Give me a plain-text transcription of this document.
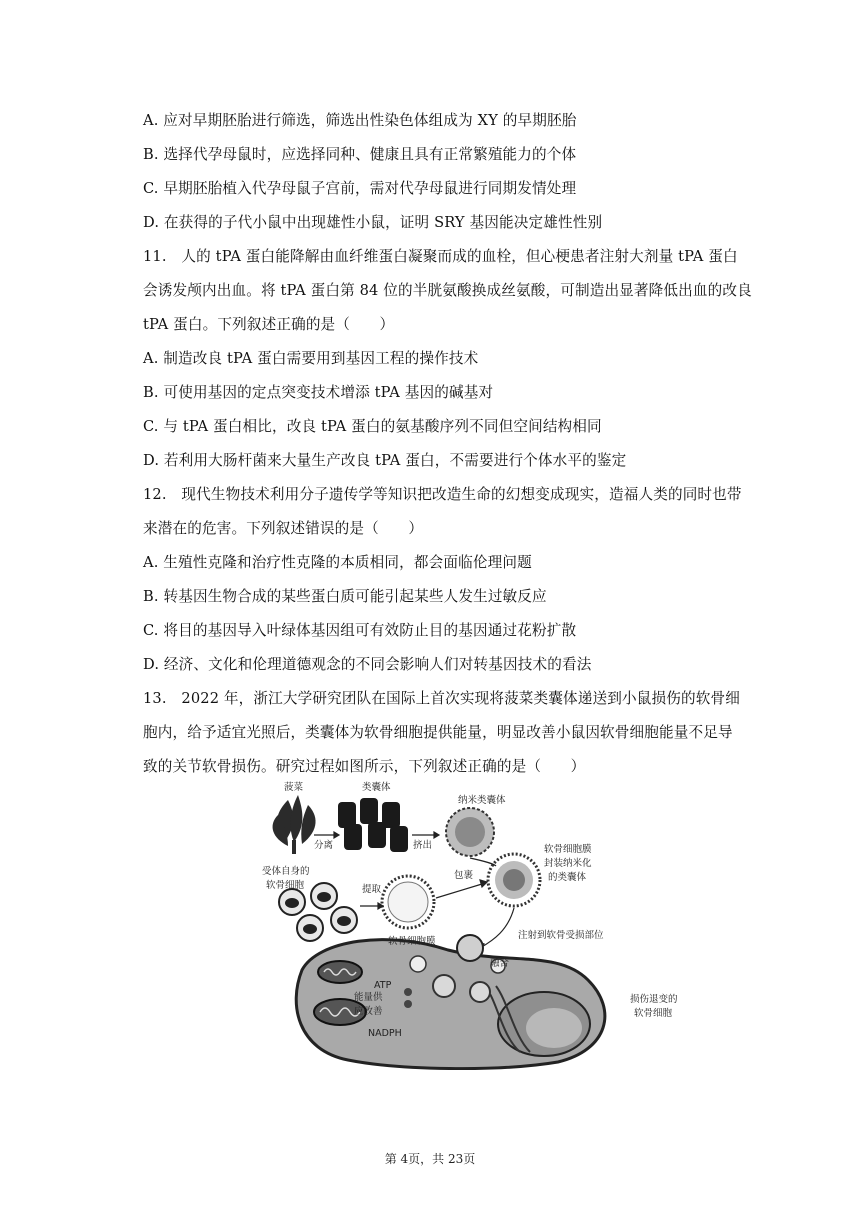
A. 应对早期胚胎进行筛选，筛选出性染色体组成为 XY 的早期胚胎
B. 选择代孕母鼠时，应选择同种、健康且具有正常繁殖能力的个体
C. 早期胚胎植入代孕母鼠子宫前，需对代孕母鼠进行同期发情处理
D. 在获得的子代小鼠中出现雄性小鼠，证明 SRY 基因能决定雄性性别
11.　人的 tPA 蛋白能降解由血纤维蛋白凝聚而成的血栓，但心梗患者注射大剂量 tPA 蛋白
会诱发颅内出血。将 tPA 蛋白第 84 位的半胱氨酸换成丝氨酸，可制造出显著降低出血的改良
tPA 蛋白。下列叙述正确的是（　　）
A. 制造改良 tPA 蛋白需要用到基因工程的操作技术
B. 可使用基因的定点突变技术增添 tPA 基因的碱基对
C. 与 tPA 蛋白相比，改良 tPA 蛋白的氨基酸序列不同但空间结构相同
D. 若利用大肠杆菌来大量生产改良 tPA 蛋白，不需要进行个体水平的鉴定
12.　现代生物技术利用分子遗传学等知识把改造生命的幻想变成现实，造福人类的同时也带
来潜在的危害。下列叙述错误的是（　　）
A. 生殖性克隆和治疗性克隆的本质相同，都会面临伦理问题
B. 转基因生物合成的某些蛋白质可能引起某些人发生过敏反应
C. 将目的基因导入叶绿体基因组可有效防止目的基因通过花粉扩散
D. 经济、文化和伦理道德观念的不同会影响人们对转基因技术的看法
13.　2022 年，浙江大学研究团队在国际上首次实现将菠菜类囊体递送到小鼠损伤的软骨细
胞内，给予适宜光照后，类囊体为软骨细胞提供能量，明显改善小鼠因软骨细胞能量不足导
致的关节软骨损伤。研究过程如图所示，下列叙述正确的是（　　）
菠菜	类囊体
分离	挤出
纳米类囊体
受体自身的
软骨细胞	提取
包裹
软骨细胞膜
封装纳米化
的类囊体
软骨细胞膜
注射到软骨受损部位
融合
ATP
NADPH
能量供
应改善
损伤退变的
软骨细胞
第 4页，共 23页
